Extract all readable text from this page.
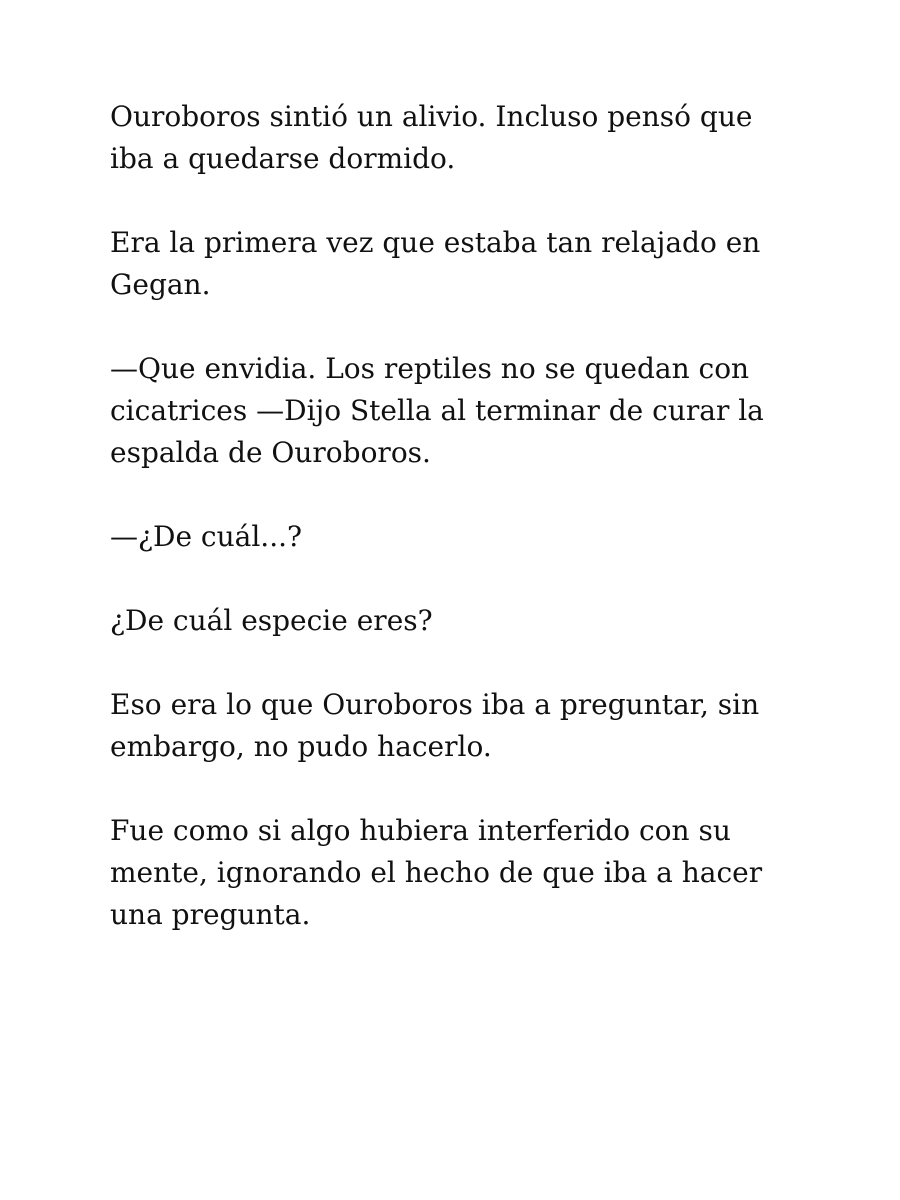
Ouroboros sintió un alivio. Incluso pensó que
iba a quedarse dormido.

Era la primera vez que estaba tan relajado en
Gegan.

—Que envidia. Los reptiles no se quedan con
cicatrices —Dijo Stella al terminar de curar la
espalda de Ouroboros.

—¿De cuál...?

¿De cuál especie eres?

Eso era lo que Ouroboros iba a preguntar, sin
embargo, no pudo hacerlo.

Fue como si algo hubiera interferido con su
mente, ignorando el hecho de que iba a hacer
una pregunta.
